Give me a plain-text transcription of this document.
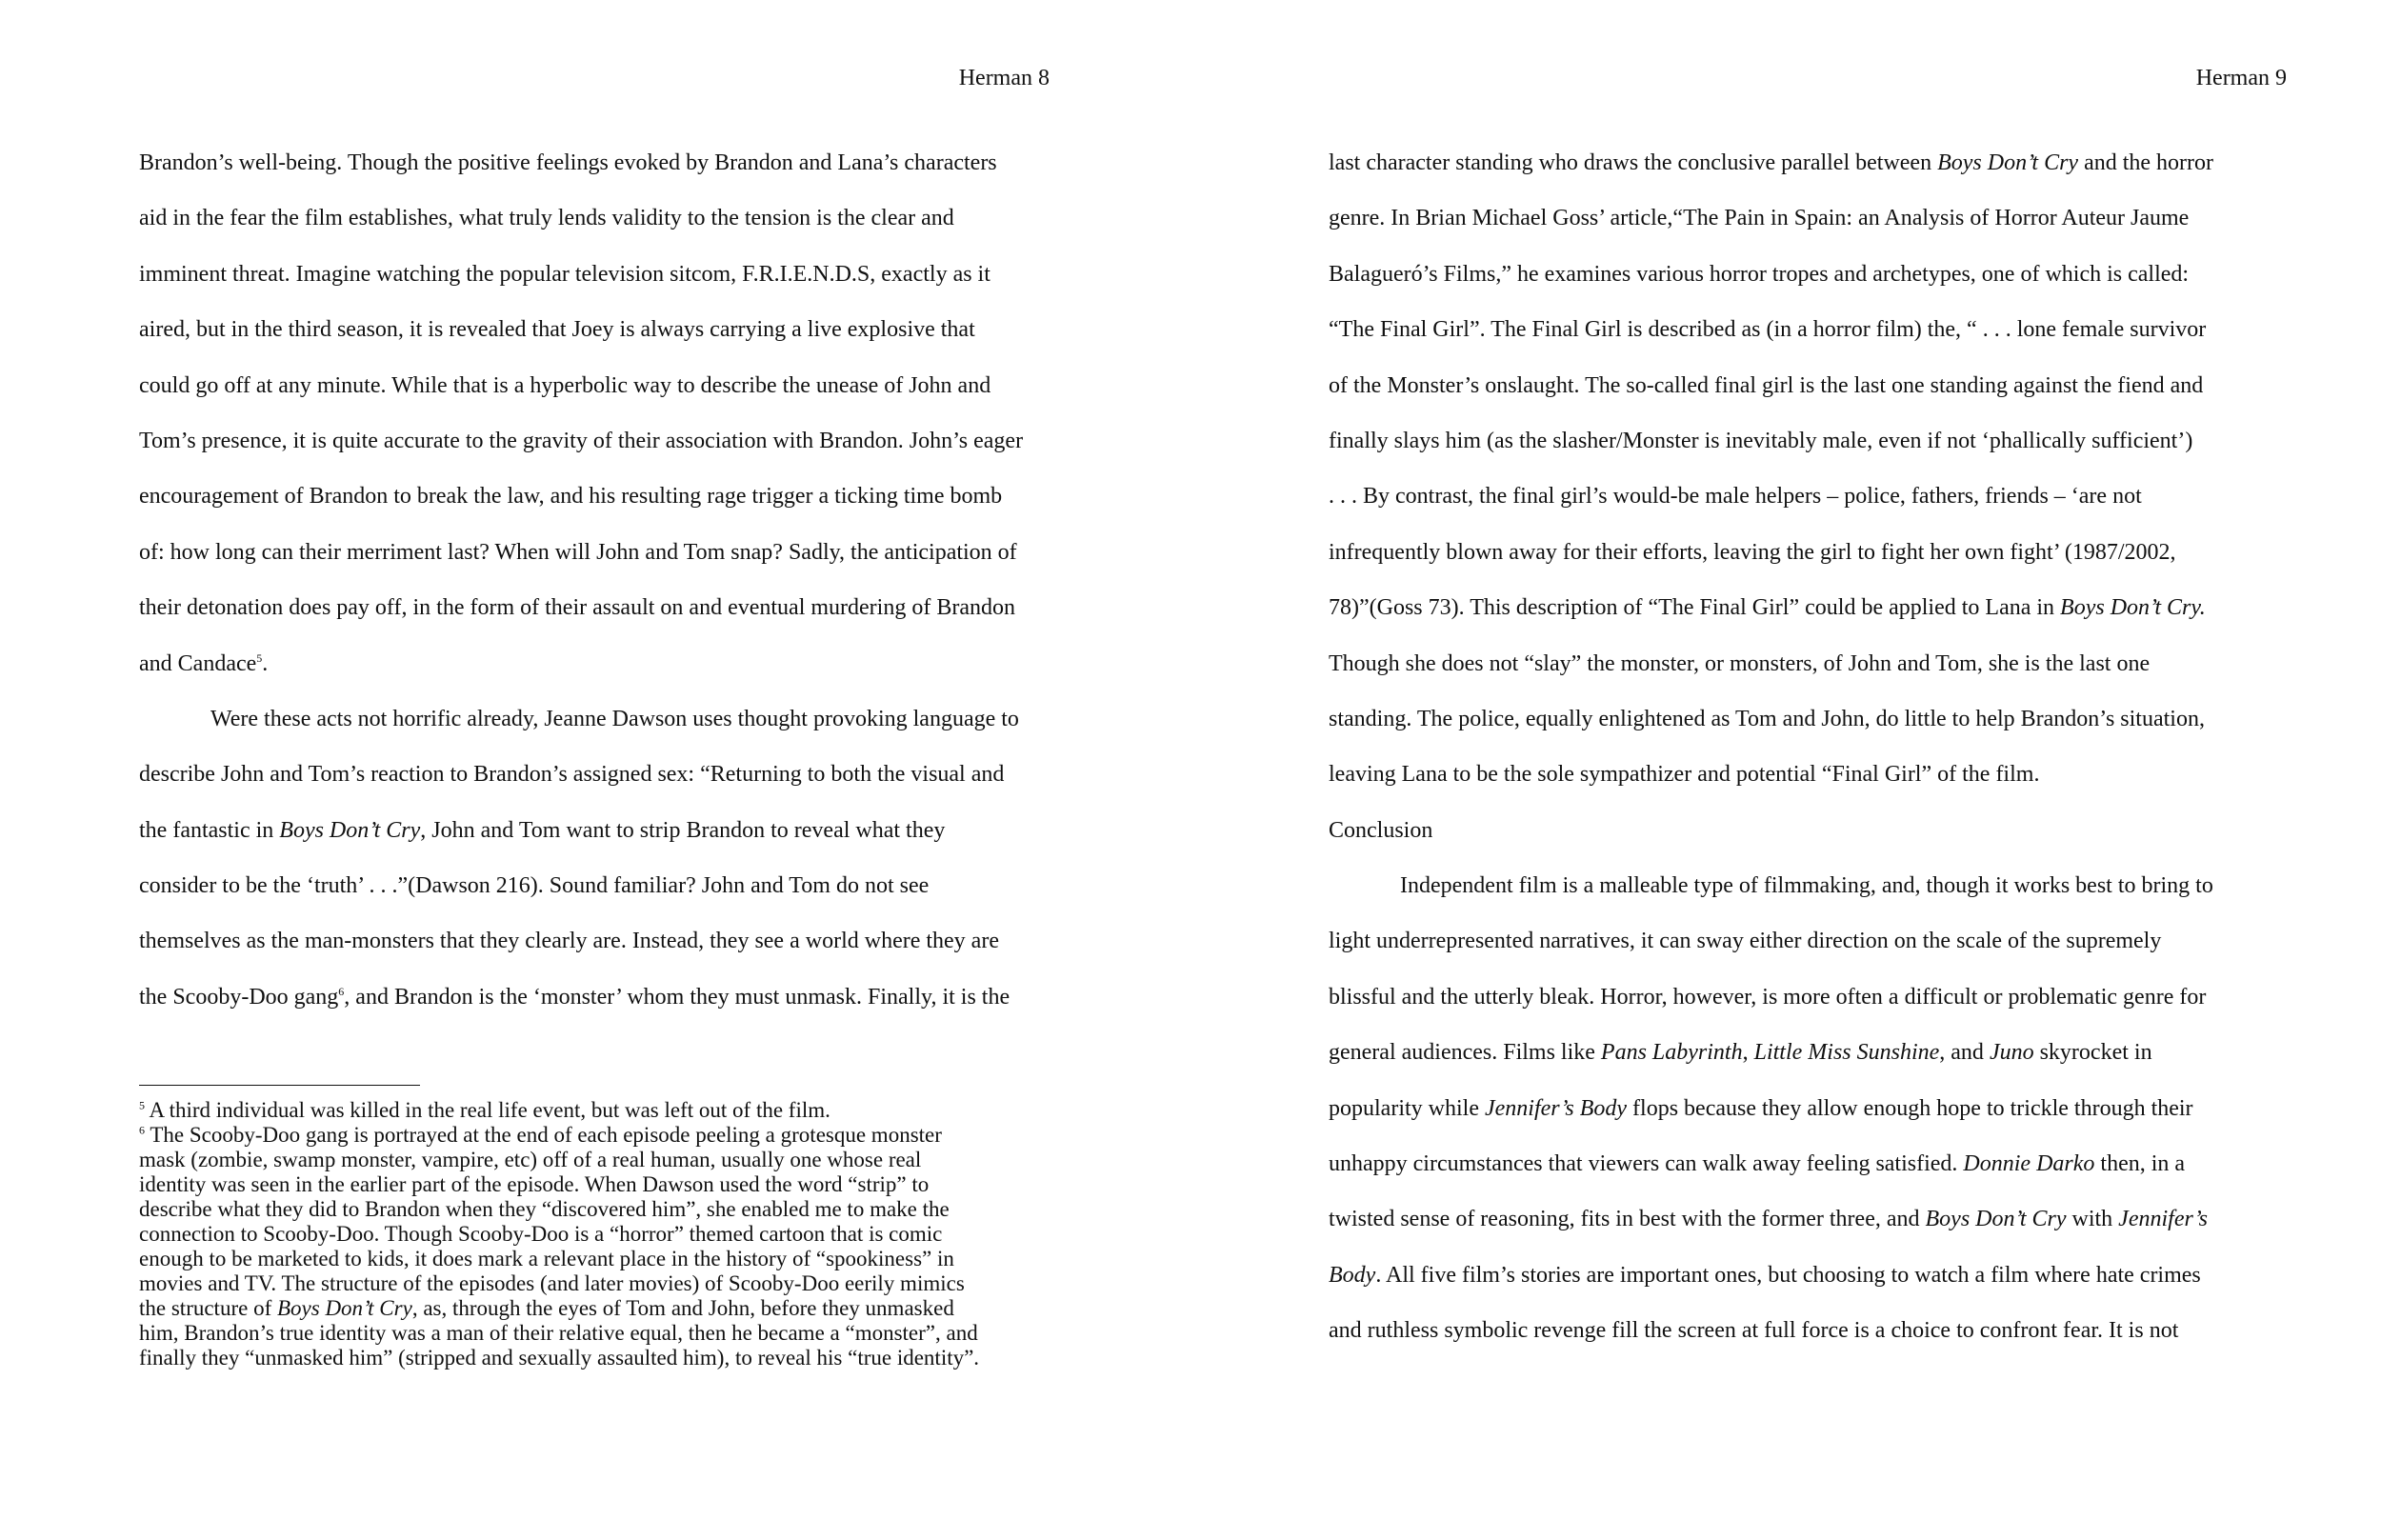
Herman 8
Brandon’s well-being. Though the positive feelings evoked by Brandon and Lana’s characters
aid in the fear the film establishes, what truly lends validity to the tension is the clear and
imminent threat. Imagine watching the popular television sitcom, F.R.I.E.N.D.S, exactly as it
aired, but in the third season, it is revealed that Joey is always carrying a live explosive that
could go off at any minute. While that is a hyperbolic way to describe the unease of John and
Tom’s presence, it is quite accurate to the gravity of their association with Brandon. John’s eager
encouragement of Brandon to break the law, and his resulting rage trigger a ticking time bomb
of: how long can their merriment last? When will John and Tom snap? Sadly, the anticipation of
their detonation does pay off, in the form of their assault on and eventual murdering of Brandon
and Candace$^5$.
Were these acts not horrific already, Jeanne Dawson uses thought provoking language to
describe John and Tom’s reaction to Brandon’s assigned sex: “Returning to both the visual and
the fantastic in Boys Don’t Cry, John and Tom want to strip Brandon to reveal what they
consider to be the ‘truth’ . . .”(Dawson 216). Sound familiar? John and Tom do not see
themselves as the man-monsters that they clearly are. Instead, they see a world where they are
the Scooby-Doo gang$^6$, and Brandon is the ‘monster’ whom they must unmask. Finally, it is the
$^5$ A third individual was killed in the real life event, but was left out of the film.
$^6$ The Scooby-Doo gang is portrayed at the end of each episode peeling a grotesque monster
mask (zombie, swamp monster, vampire, etc) off of a real human, usually one whose real
identity was seen in the earlier part of the episode. When Dawson used the word “strip” to
describe what they did to Brandon when they “discovered him”, she enabled me to make the
connection to Scooby-Doo. Though Scooby-Doo is a “horror” themed cartoon that is comic
enough to be marketed to kids, it does mark a relevant place in the history of “spookiness” in
movies and TV. The structure of the episodes (and later movies) of Scooby-Doo eerily mimics
the structure of Boys Don’t Cry, as, through the eyes of Tom and John, before they unmasked
him, Brandon’s true identity was a man of their relative equal, then he became a “monster”, and
finally they “unmasked him” (stripped and sexually assaulted him), to reveal his “true identity”.
Herman 9
last character standing who draws the conclusive parallel between Boys Don’t Cry and the horror
genre. In Brian Michael Goss’ article,“The Pain in Spain: an Analysis of Horror Auteur Jaume
Balagueró’s Films,” he examines various horror tropes and archetypes, one of which is called:
“The Final Girl”. The Final Girl is described as (in a horror film) the, “ . . . lone female survivor
of the Monster’s onslaught. The so-called final girl is the last one standing against the fiend and
finally slays him (as the slasher/Monster is inevitably male, even if not ‘phallically sufficient’)
. . . By contrast, the final girl’s would-be male helpers – police, fathers, friends – ‘are not
infrequently blown away for their efforts, leaving the girl to fight her own fight’ (1987/2002,
78)”(Goss 73). This description of “The Final Girl” could be applied to Lana in Boys Don’t Cry.
Though she does not “slay” the monster, or monsters, of John and Tom, she is the last one
standing. The police, equally enlightened as Tom and John, do little to help Brandon’s situation,
leaving Lana to be the sole sympathizer and potential “Final Girl” of the film.
Conclusion
Independent film is a malleable type of filmmaking, and, though it works best to bring to
light underrepresented narratives, it can sway either direction on the scale of the supremely
blissful and the utterly bleak. Horror, however, is more often a difficult or problematic genre for
general audiences. Films like Pans Labyrinth, Little Miss Sunshine, and Juno skyrocket in
popularity while Jennifer’s Body flops because they allow enough hope to trickle through their
unhappy circumstances that viewers can walk away feeling satisfied. Donnie Darko then, in a
twisted sense of reasoning, fits in best with the former three, and Boys Don’t Cry with Jennifer’s
Body. All five film’s stories are important ones, but choosing to watch a film where hate crimes
and ruthless symbolic revenge fill the screen at full force is a choice to confront fear. It is not
